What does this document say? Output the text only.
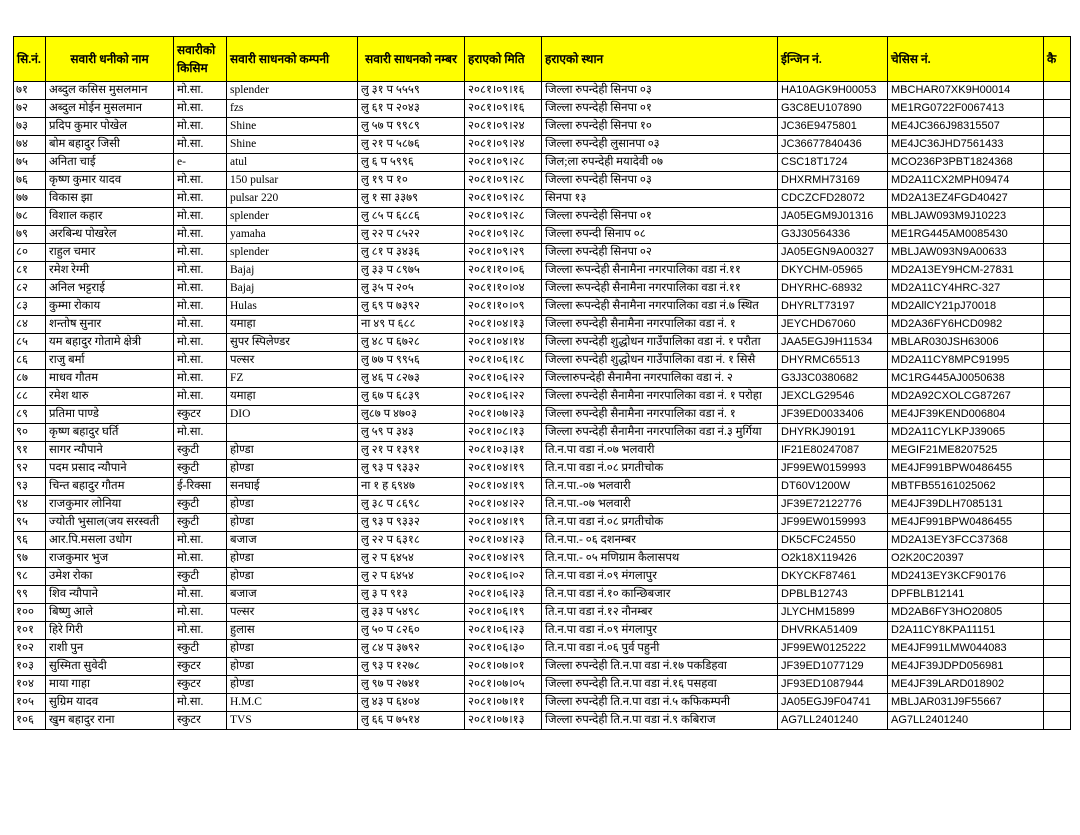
सि.नं.	सवारी धनीको नाम	सवारीको किसिम	सवारी साधनको कम्पनी	सवारी साधनको नम्बर	हराएको मिति	हराएको स्थान	ईन्जिन नं.	चेसिस नं.	कै
७१	अब्दुल कसिस मुसलमान	मो.सा.	splender	लु ३१ प ५५५९	२०८१।०९।१६	जिल्ला रुपन्देही सिनपा ०३	HA10AGK9H00053	MBCHAR07XK9H00014	
७२	अब्दुल मोईन मुसलमान	मो.सा.	fzs	लु ६१ प २०४३	२०८१।०९।१६	जिल्ला रुपन्देही सिनपा ०१	G3C8EU107890	ME1RG0722F0067413	
७३	प्रदिप कुमार पोखेल	मो.सा.	Shine	लु ५७ प ९९८९	२०८१।०९।२४	जिल्ला रुपन्देही सिनपा १०	JC36E9475801	ME4JC366J98315507	
७४	बोम बहादुर जिसी	मो.सा.	Shine	लु २१ प ५८७६	२०८१।०९।२४	जिल्ला रुपन्देही लुसानपा ०३	JC36677840436	ME4JC36JHD7561433	
७५	अनिता चाई	e-	atul	लु ६ प ५९९६	२०८१।०९।२८	जिल;ला रुपन्देही मयादेवी ०७	CSC18T1724	MCO236P3PBT1824368	
७६	कृष्ण कुमार यादव	मो.सा.	150 pulsar	लु १९ प १०	२०८१।०९।२८	जिल्ला रुपन्देही सिनपा ०३	DHXRMH73169	MD2A11CX2MPH09474	
७७	विकास झा	मो.सा.	pulsar 220	लु १ सा ३३७९	२०८१।०९।२८	सिनपा १३	CDCZCFD28072	MD2A13EZ4FGD40427	
७८	विशाल कहार	मो.सा.	splender	लु ८५ प ६८८६	२०८१।०९।२८	जिल्ला रुपन्देही सिनपा ०१	JA05EGM9J01316	MBLJAW093M9J10223	
७९	अरबिन्ध पोखरेल	मो.सा.	yamaha	लु २२ प ८५२२	२०८१।०९।२८	जिल्ला रुपन्दी सिनाप ०८	G3J30564336	ME1RG445AM0085430	
८०	राहुल चमार	मो.सा.	splender	लु ८१ प ३४३६	२०८१।०९।२९	जिल्ला रुपन्देही सिनपा ०२	JA05EGN9A00327	MBLJAW093N9A00633	
८१	रमेश रेग्मी	मो.सा.	Bajaj	लु ३३ प ८९७५	२०८१।१०।०६	जिल्ला रूपन्देही सैनामैना नगरपालिका वडा नं.११	DKYCHM-05965	MD2A13EY9HCM-27831	
८२	अनिल भट्टराई	मो.सा.	Bajaj	लु ३५ प २०५	२०८१।१०।०४	जिल्ला रूपन्देही सैनामैना नगरपालिका वडा नं.११	DHYRHC-68932	MD2A11CY4HRC-327	
८३	कुम्मा रोकाय	मो.सा.	Hulas	लु ६९ प ७३९२	२०८१।१०।०९	जिल्ला रूपन्देही सैनामैना नगरपालिका वडा नं.७ स्थित	DHYRLT73197	MD2AllCY21pJ70018	
८४	शन्तोष सुनार	मो.सा.	यमाहा	ना ४९ प ६८८	२०८१।०४।१३	जिल्ला रुपन्देही सैनामैना नगरपालिका वडा नं. १	JEYCHD67060	MD2A36FY6HCD0982	
८५	यम बहादुर गोतामे क्षेत्री	मो.सा.	सुपर स्पिलेण्डर	लु ४८ प ६७२८	२०८१।०४।१४	जिल्ला रुपन्देही शुद्धोधन गाउँपालिका वडा नं. १ परौता	JAA5EGJ9H11534	MBLAR030JSH63006	
८६	राजु बर्मा	मो.सा.	पल्सर	लु ७७ प ९९५६	२०८१।०६।१८	जिल्ला रुपन्देही शुद्धोधन गाउँपालिका वडा नं. १ सिसै	DHYRMC65513	MD2A11CY8MPC91995	
८७	माधव गौतम	मो.सा.	FZ	लु ४६ प ८२७३	२०८१।०६।२२	जिल्लारुपन्देही सैनामैना नगरपालिका वडा नं. २	G3J3C0380682	MC1RG445AJ0050638	
८८	रमेश थारु	मो.सा.	यमाहा	लु ६७ प ६८३९	२०८१।०६।२२	जिल्ला रुपन्देही सैनामैना नगरपालिका वडा नं. १ परोहा	JEXCLG29546	MD2A92CXOLCG87267	
८९	प्रतिमा पाण्डे	स्कुटर	DIO	लु८७ प ४७०३	२०८१।०७।२३	जिल्ला रुपन्देही सैनामैना नगरपालिका वडा नं. १	JF39ED0033406	ME4JF39KEND006804	
९०	कृष्ण बहादुर घर्ति	मो.सा.		लु ५९ प ३४३	२०८१।०८।१३	जिल्ला रुपन्देही सैनामैना नगरपालिका वडा नं.३ मुर्गिया	DHYRKJ90191	MD2A11CYLKPJ39065	
९१	सागर न्यौपाने	स्कुटी	होण्डा	लु २१ प १३९१	२०८१।०३।३१	ति.न.पा वडा नं.०७ भलवारी	IF21E80247087	MEGIF21ME8207525	
९२	पदम प्रसाद न्यौपाने	स्कुटी	होण्डा	लु ९३ प ९३३२	२०८१।०४।१९	ति.न.पा वडा नं.०८ प्रगतीचोक	JF99EW0159993	ME4JF991BPW0486455	
९३	चिन्त बहादुर गौतम	ई-रिक्सा	सनघाई	ना १ ह ६९४७	२०८१।०४।१९	ति.न.पा.-०७ भलवारी	DT60V1200W	MBTFB55161025062	
९४	राजकुमार लोनिया	स्कुटी	होण्डा	लु ३८ प ८६९८	२०८१।०४।२२	ति.न.पा.-०७ भलवारी	JF39E72122776	ME4JF39DLH7085131	
९५	ज्योती भुसाल(जय सरस्वती	स्कुटी	होण्डा	लु ९३ प ९३३२	२०८१।०४।१९	ति.न.पा वडा नं.०८ प्रगतीचोक	JF99EW0159993	ME4JF991BPW0486455	
९६	आर.पि.मसला उधोग	मो.सा.	बजाज	लु २२ प ६३१८	२०८१।०४।२३	ति.न.पा.- ०६ दशनम्बर	DK5CFC24550	MD2A13EY3FCC37368	
९७	राजकुमार भुज	मो.सा.	होण्डा	लु २ प ६४५४	२०८१।०४।२९	ति.न.पा.- ०५ मणिग्राम कैलासपथ	O2k18X119426	O2K20C20397	
९८	उमेश रोका	स्कुटी	होण्डा	लु २ प ६४५४	२०८१।०६।०२	ति.न.पा वडा नं.०९ मंगलापुर	DKYCKF87461	MD2413EY3KCF90176	
९९	शिव न्यौपाने	मो.सा.	बजाज	लु ३ प ९१३	२०८१।०६।२३	ति.न.पा वडा नं.१० कान्छिबजार	DPBLB12743	DPFBLB12141	
१००	बिष्णु आले	मो.सा.	पल्सर	लु ३३ प ५४९८	२०८१।०६।१९	ति.न.पा वडा नं.१२ नौनम्बर	JLYCHM15899	MD2AB6FY3HO20805	
१०१	हिरे गिरी	मो.सा.	हुलास	लु ५० प ८२६०	२०८१।०६।२३	ति.न.पा वडा नं.०९ मंगलापुर	DHVRKA51409	D2A11CY8KPA11151	
१०२	राशी पुन	स्कुटी	होण्डा	लु ८४ प ३७९२	२०८१।०६।३०	ति.न.पा वडा नं.०६ पुर्व पहुनी	JF99EW0125222	ME4JF991LMW044083	
१०३	सुस्मिता सुवेदी	स्कुटर	होण्डा	लु ९३ प १२७८	२०८१।०७।०१	जिल्ला रुपन्देही ति.न.पा वडा नं.१७ पकडिहवा	JF39ED1077129	ME4JF39JDPD056981	
१०४	माया गाहा	स्कुटर	होण्डा	लु ९७ प २७४१	२०८१।०७।०५	जिल्ला रुपन्देही ति.न.पा वडा नं.१६ पसहवा	JF93ED1087944	ME4JF39LARD018902	
१०५	सुग्रिम यादव	मो.सा.	H.M.C	लु ४३ प ६४०४	२०८१।०७।११	जिल्ला रुपन्देही ति.न.पा वडा नं.५ कफिकम्पनी	JA05EGJ9F04741	MBLJAR031J9F55667	
१०६	खुम बहादुर राना	स्कुटर	TVS	लु ६६ प ७५१४	२०८१।०७।१३	जिल्ला रुपन्देही ति.न.पा वडा नं.९ कबिराज	AG7LL2401240	AG7LL2401240	
